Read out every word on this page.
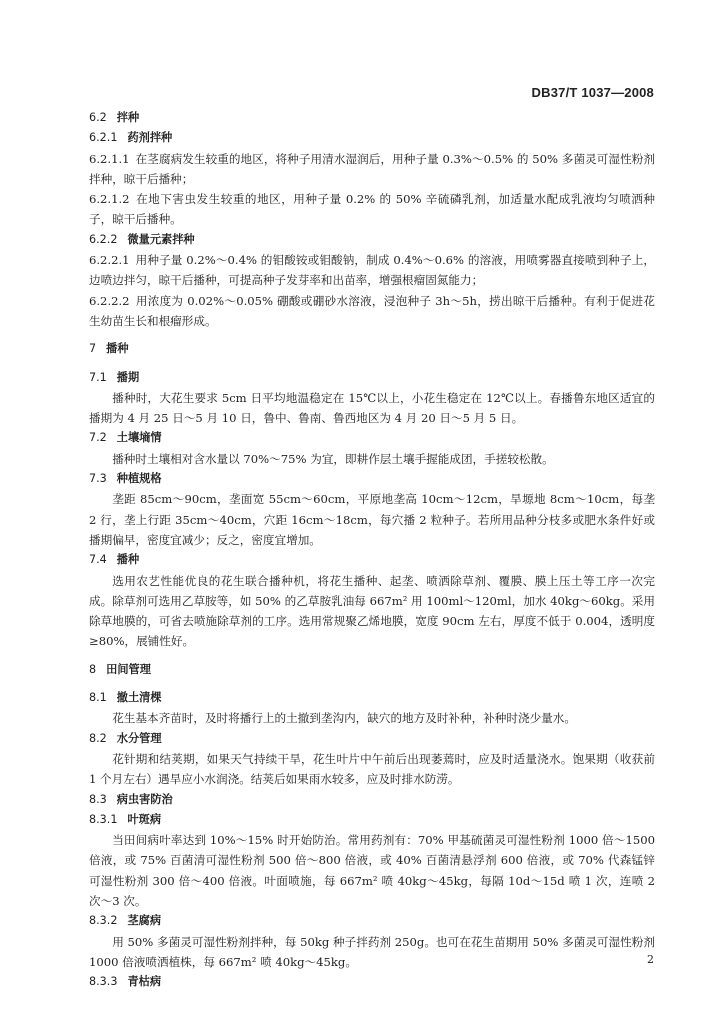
DB37/T 1037—2008
6.2 拌种
6.2.1 药剂拌种
6.2.1.1 在茎腐病发生较重的地区，将种子用清水湿润后，用种子量 0.3%～0.5% 的 50% 多菌灵可湿性粉剂拌种，晾干后播种；
6.2.1.2 在地下害虫发生较重的地区，用种子量 0.2% 的 50% 辛硫磷乳剂，加适量水配成乳液均匀喷洒种子，晾干后播种。
6.2.2 微量元素拌种
6.2.2.1 用种子量 0.2%～0.4% 的钼酸铵或钼酸钠，制成 0.4%～0.6% 的溶液，用喷雾器直接喷到种子上，边喷边拌匀，晾干后播种，可提高种子发芽率和出苗率，增强根瘤固氮能力；
6.2.2.2 用浓度为 0.02%～0.05% 硼酸或硼砂水溶液，浸泡种子 3h～5h，捞出晾干后播种。有利于促进花生幼苗生长和根瘤形成。
7 播种
7.1 播期
播种时，大花生要求 5cm 日平均地温稳定在 15℃以上，小花生稳定在 12℃以上。春播鲁东地区适宜的播期为 4 月 25 日～5 月 10 日，鲁中、鲁南、鲁西地区为 4 月 20 日～5 月 5 日。
7.2 土壤墒情
播种时土壤相对含水量以 70%～75% 为宜，即耕作层土壤手握能成团，手搓较松散。
7.3 种植规格
垄距 85cm～90cm，垄面宽 55cm～60cm，平原地垄高 10cm～12cm，旱塬地 8cm～10cm，每垄 2 行，垄上行距 35cm～40cm，穴距 16cm～18cm，每穴播 2 粒种子。若所用品种分枝多或肥水条件好或播期偏早，密度宜减少；反之，密度宜增加。
7.4 播种
选用农艺性能优良的花生联合播种机，将花生播种、起垄、喷洒除草剂、覆膜、膜上压土等工序一次完成。除草剂可选用乙草胺等，如 50% 的乙草胺乳油每 667m² 用 100ml～120ml，加水 40kg～60kg。采用除草地膜的，可省去喷施除草剂的工序。选用常规聚乙烯地膜，宽度 90cm 左右，厚度不低于 0.004，透明度≥80%，展铺性好。
8 田间管理
8.1 撤土清棵
花生基本齐苗时，及时将播行上的土撤到垄沟内，缺穴的地方及时补种，补种时浇少量水。
8.2 水分管理
花针期和结荚期，如果天气持续干旱，花生叶片中午前后出现萎蔫时，应及时适量浇水。饱果期（收获前 1 个月左右）遇旱应小水润浇。结荚后如果雨水较多，应及时排水防涝。
8.3 病虫害防治
8.3.1 叶斑病
当田间病叶率达到 10%～15% 时开始防治。常用药剂有：70% 甲基硫菌灵可湿性粉剂 1000 倍～1500 倍液，或 75% 百菌清可湿性粉剂 500 倍～800 倍液，或 40% 百菌清悬浮剂 600 倍液，或 70% 代森锰锌可湿性粉剂 300 倍～400 倍液。叶面喷施，每 667m² 喷 40kg～45kg，每隔 10d～15d 喷 1 次，连喷 2 次～3 次。
8.3.2 茎腐病
用 50% 多菌灵可湿性粉剂拌种，每 50kg 种子拌药剂 250g。也可在花生苗期用 50% 多菌灵可湿性粉剂 1000 倍液喷洒植株，每 667m² 喷 40kg～45kg。
8.3.3 青枯病
2
